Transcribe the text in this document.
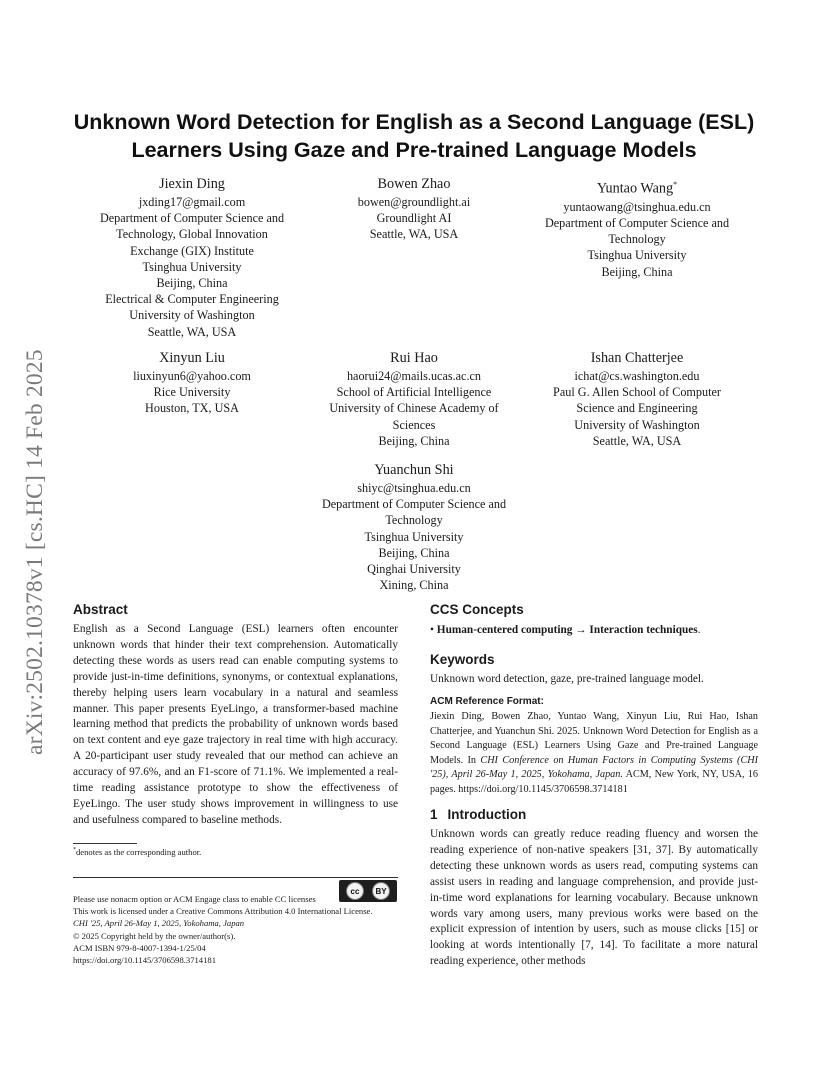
arXiv:2502.10378v1 [cs.HC] 14 Feb 2025
Unknown Word Detection for English as a Second Language (ESL)
Learners Using Gaze and Pre-trained Language Models
Jiexin Ding
jxding17@gmail.com
Department of Computer Science and
Technology, Global Innovation
Exchange (GIX) Institute
Tsinghua University
Beijing, China
Electrical & Computer Engineering
University of Washington
Seattle, WA, USA
Bowen Zhao
bowen@groundlight.ai
Groundlight AI
Seattle, WA, USA
Yuntao Wang*
yuntaowang@tsinghua.edu.cn
Department of Computer Science and
Technology
Tsinghua University
Beijing, China
Xinyun Liu
liuxinyun6@yahoo.com
Rice University
Houston, TX, USA
Rui Hao
haorui24@mails.ucas.ac.cn
School of Artificial Intelligence
University of Chinese Academy of
Sciences
Beijing, China
Ishan Chatterjee
ichat@cs.washington.edu
Paul G. Allen School of Computer
Science and Engineering
University of Washington
Seattle, WA, USA
Yuanchun Shi
shiyc@tsinghua.edu.cn
Department of Computer Science and
Technology
Tsinghua University
Beijing, China
Qinghai University
Xining, China
Abstract

English as a Second Language (ESL) learners often encounter unknown words that hinder their text comprehension. Automatically detecting these words as users read can enable computing systems to provide just-in-time definitions, synonyms, or contextual explanations, thereby helping users learn vocabulary in a natural and seamless manner. This paper presents EyeLingo, a transformer-based machine learning method that predicts the probability of unknown words based on text content and eye gaze trajectory in real time with high accuracy. A 20-participant user study revealed that our method can achieve an accuracy of 97.6%, and an F1-score of 71.1%. We implemented a real-time reading assistance prototype to show the effectiveness of EyeLingo. The user study shows improvement in willingness to use and usefulness compared to baseline methods.

*denotes as the corresponding author.
cc	BY
Please use nonacm option or ACM Engage class to enable CC licenses
This work is licensed under a Creative Commons Attribution 4.0 International License.
CHI '25, April 26-May 1, 2025, Yokohama, Japan
© 2025 Copyright held by the owner/author(s).
ACM ISBN 979-8-4007-1394-1/25/04
https://doi.org/10.1145/3706598.3714181
CCS Concepts
• Human-centered computing → Interaction techniques.
Keywords

Unknown word detection, gaze, pre-trained language model.

ACM Reference Format:
Jiexin Ding, Bowen Zhao, Yuntao Wang, Xinyun Liu, Rui Hao, Ishan Chatterjee, and Yuanchun Shi. 2025. Unknown Word Detection for English as a Second Language (ESL) Learners Using Gaze and Pre-trained Language Models. In CHI Conference on Human Factors in Computing Systems (CHI '25), April 26-May 1, 2025, Yokohama, Japan. ACM, New York, NY, USA, 16 pages. https://doi.org/10.1145/3706598.3714181
1 Introduction

Unknown words can greatly reduce reading fluency and worsen the reading experience of non-native speakers [31, 37]. By automatically detecting these unknown words as users read, computing systems can assist users in reading and language comprehension, and provide just-in-time word explanations for learning vocabulary. Because unknown words vary among users, many previous works were based on the explicit expression of intention by users, such as mouse clicks [15] or looking at words intentionally [7, 14]. To facilitate a more natural reading experience, other methods
